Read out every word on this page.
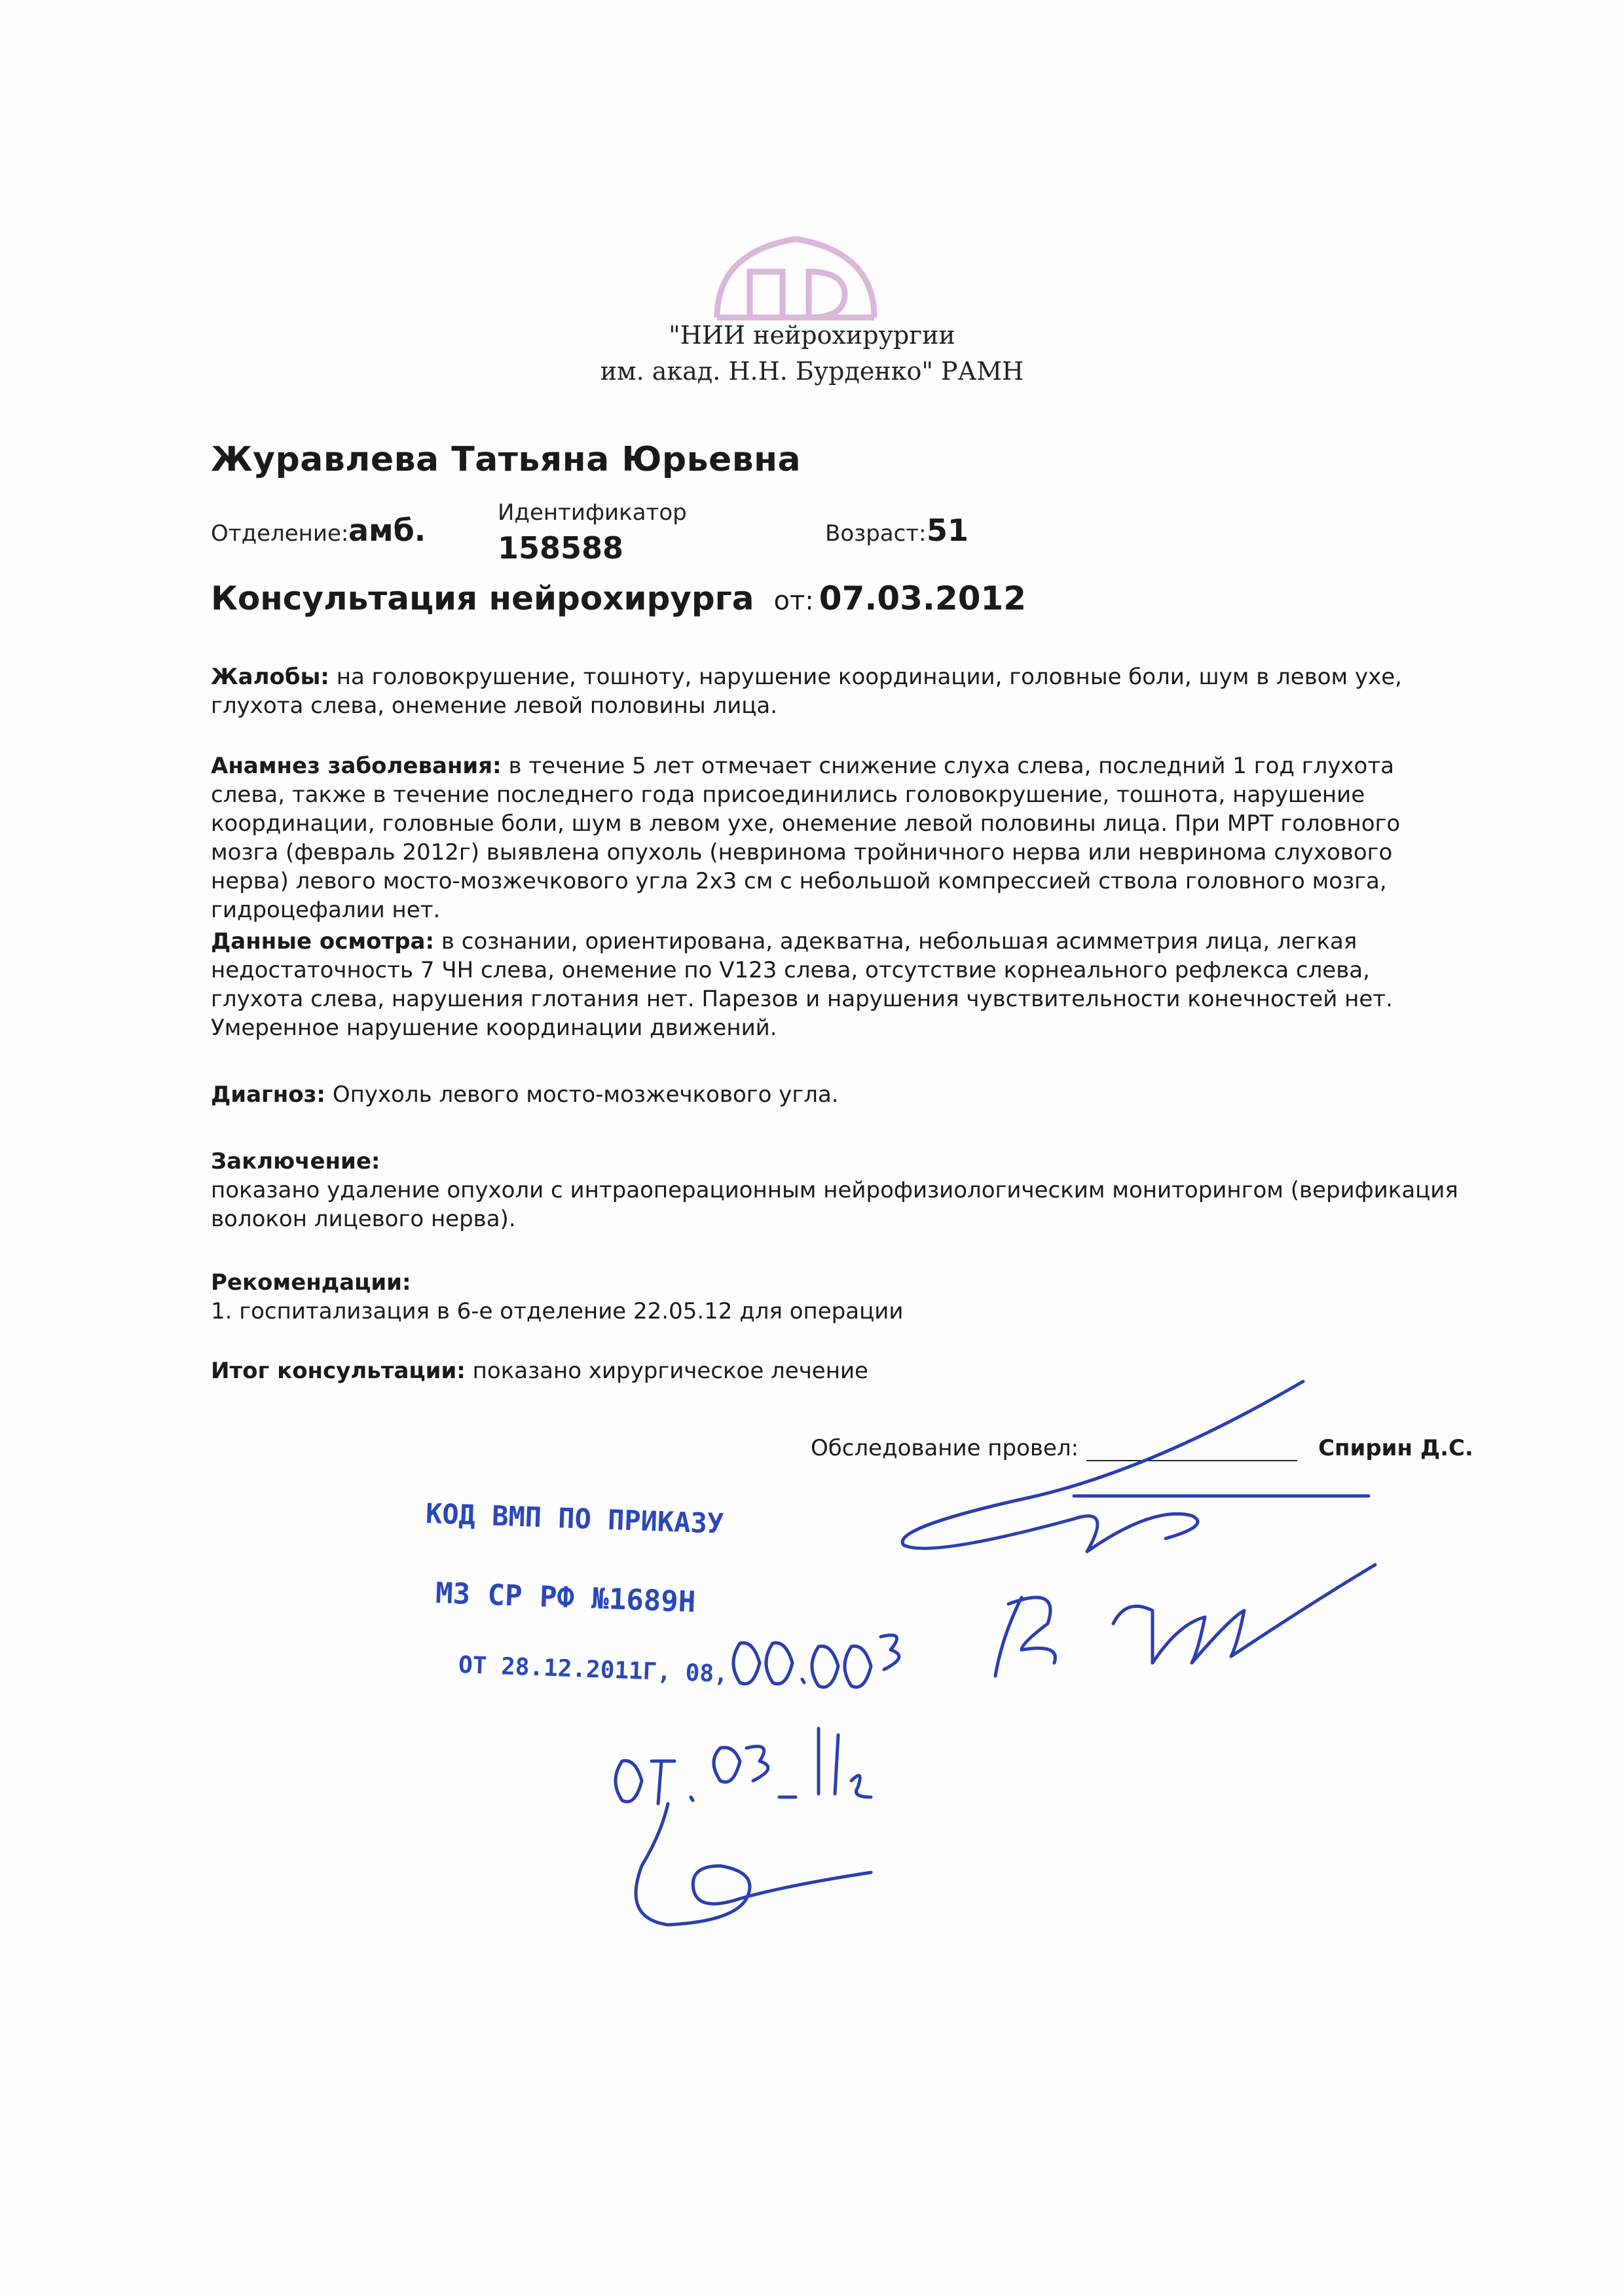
"НИИ нейрохирургии
им. акад. Н.Н. Бурденко" РАМН
Журавлева Татьяна Юрьевна
Отделение: амб.	Идентификатор
158588	Возраст: 51
Консультация нейрохирурга от: 07.03.2012
Жалобы: на головокрушение, тошноту, нарушение координации, головные боли, шум в левом ухе, глухота слева, онемение левой половины лица.
Анамнез заболевания: в течение 5 лет отмечает снижение слуха слева, последний 1 год глухота слева, также в течение последнего года присоединились головокрушение, тошнота, нарушение координации, головные боли, шум в левом ухе, онемение левой половины лица. При МРТ головного мозга (февраль 2012г) выявлена опухоль (невринома тройничного нерва или невринома слухового нерва) левого мосто-мозжечкового угла 2х3 см с небольшой компрессией ствола головного мозга, гидроцефалии нет.
Данные осмотра: в сознании, ориентирована, адекватна, небольшая асимметрия лица, легкая недостаточность 7 ЧН слева, онемение по V123 слева, отсутствие корнеального рефлекса слева, глухота слева, нарушения глотания нет. Парезов и нарушения чувствительности конечностей нет. Умеренное нарушение координации движений.
Диагноз: Опухоль левого мосто-мозжечкового угла.
Заключение:
показано удаление опухоли с интраоперационным нейрофизиологическим мониторингом (верификация волокон лицевого нерва).
Рекомендации:
1. госпитализация в 6-е отделение 22.05.12 для операции
Итог консультации: показано хирургическое лечение
Обследование провел:	Спирин Д.С.
КОД ВМП ПО ПРИКАЗУ
МЗ СР РФ №1689Н
ОТ 28.12.2011Г, 08,
